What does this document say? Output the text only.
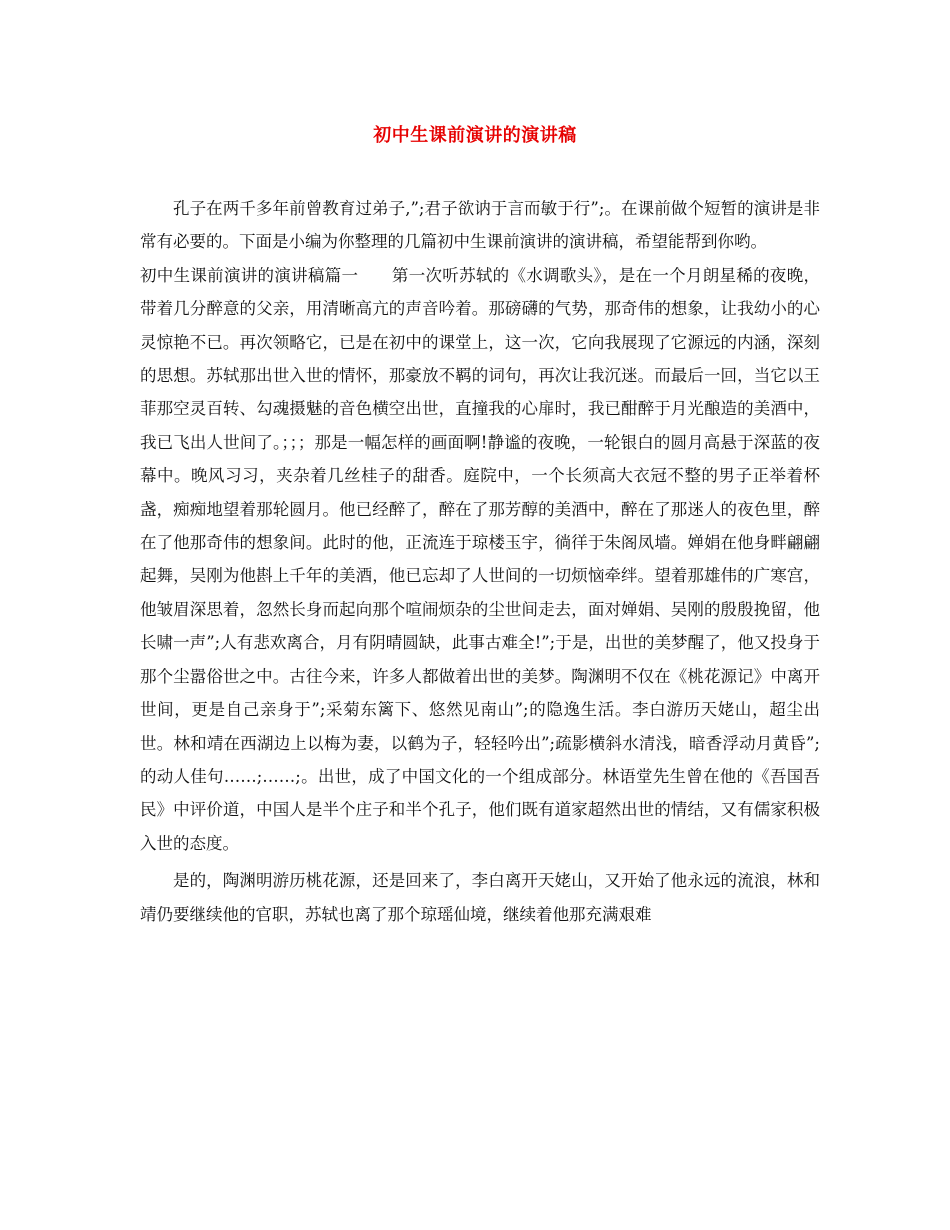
初中生课前演讲的演讲稿

孔子在两千多年前曾教育过弟子,”;君子欲讷于言而敏于行”;。在课前做个短暂的演讲是非常有必要的。下面是小编为你整理的几篇初中生课前演讲的演讲稿，希望能帮到你哟。

初中生课前演讲的演讲稿篇一　　第一次听苏轼的《水调歌头》，是在一个月朗星稀的夜晚，带着几分醉意的父亲，用清晰高亢的声音吟着。那磅礴的气势，那奇伟的想象，让我幼小的心灵惊艳不已。再次领略它，已是在初中的课堂上，这一次，它向我展现了它源远的内涵，深刻的思想。苏轼那出世入世的情怀，那豪放不羁的词句，再次让我沉迷。而最后一回，当它以王菲那空灵百转、勾魂摄魅的音色横空出世，直撞我的心扉时，我已酣醉于月光酿造的美酒中，我已飞出人世间了。；；；那是一幅怎样的画面啊!静谧的夜晚，一轮银白的圆月高悬于深蓝的夜幕中。晚风习习，夹杂着几丝桂子的甜香。庭院中，一个长须高大衣冠不整的男子正举着杯盏，痴痴地望着那轮圆月。他已经醉了，醉在了那芳醇的美酒中，醉在了那迷人的夜色里，醉在了他那奇伟的想象间。此时的他，正流连于琼楼玉宇，徜徉于朱阁凤墙。婵娟在他身畔翩翩起舞，吴刚为他斟上千年的美酒，他已忘却了人世间的一切烦恼牵绊。望着那雄伟的广寒宫，他皱眉深思着，忽然长身而起向那个喧闹烦杂的尘世间走去，面对婵娟、吴刚的殷殷挽留，他长啸一声”;人有悲欢离合，月有阴晴圆缺，此事古难全!”;于是，出世的美梦醒了，他又投身于那个尘嚣俗世之中。古往今来，许多人都做着出世的美梦。陶渊明不仅在《桃花源记》中离开世间，更是自己亲身于”;采菊东篱下、悠然见南山”;的隐逸生活。李白游历天姥山，超尘出世。林和靖在西湖边上以梅为妻，以鹤为子，轻轻吟出”;疏影横斜水清浅，暗香浮动月黄昏”;的动人佳句……;……;。出世，成了中国文化的一个组成部分。林语堂先生曾在他的《吾国吾民》中评价道，中国人是半个庄子和半个孔子，他们既有道家超然出世的情结，又有儒家积极入世的态度。

是的，陶渊明游历桃花源，还是回来了，李白离开天姥山，又开始了他永远的流浪，林和靖仍要继续他的官职，苏轼也离了那个琼瑶仙境，继续着他那充满艰难
